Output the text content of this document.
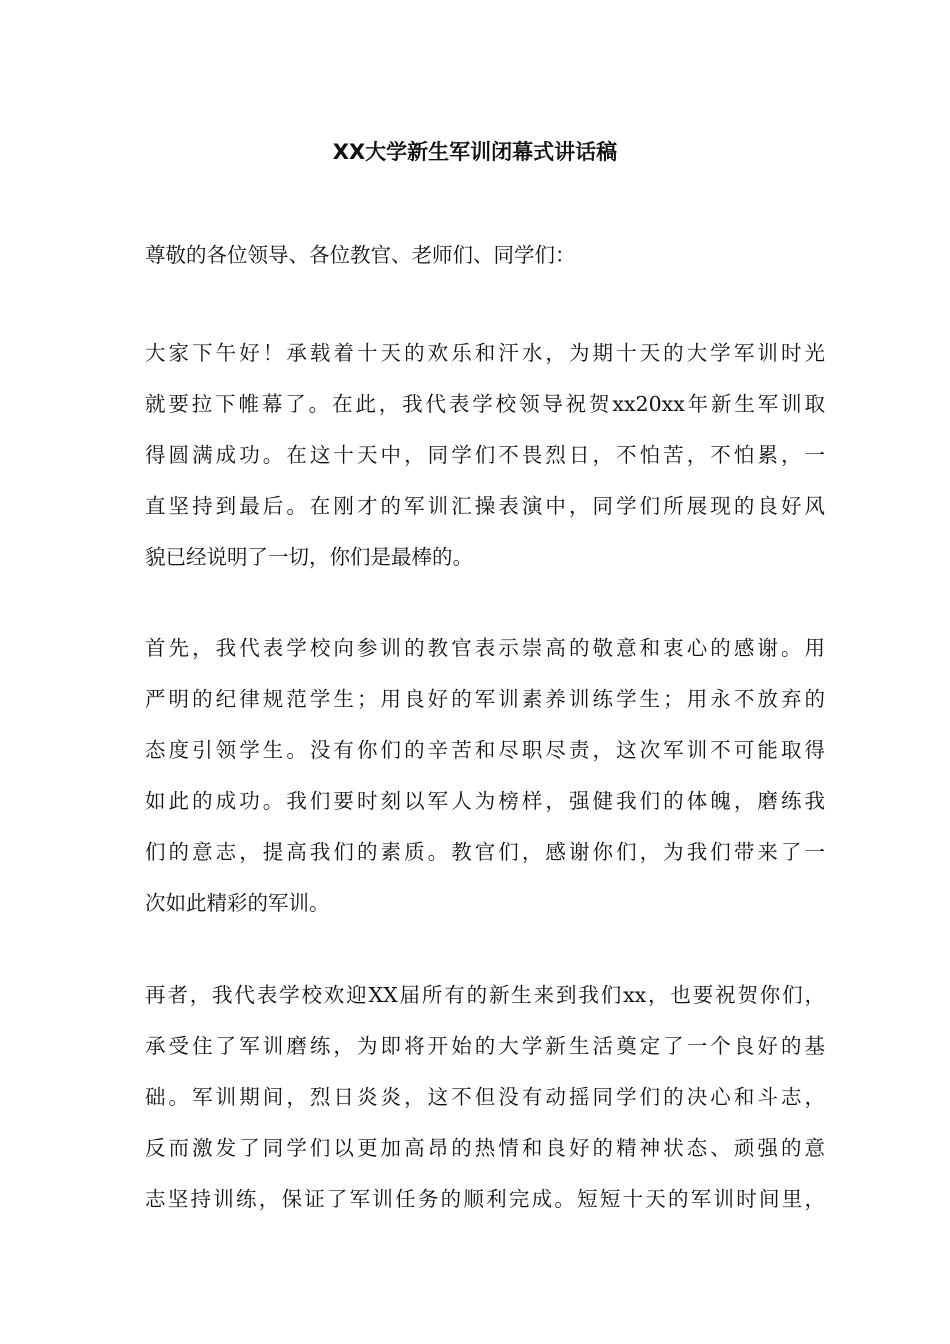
XX大学新生军训闭幕式讲话稿

尊敬的各位领导、各位教官、老师们、同学们：

大家下午好！承载着十天的欢乐和汗水，为期十天的大学军训时光
就要拉下帷幕了。在此，我代表学校领导祝贺xx20xx年新生军训取
得圆满成功。在这十天中，同学们不畏烈日，不怕苦，不怕累，一
直坚持到最后。在刚才的军训汇操表演中，同学们所展现的良好风
貌已经说明了一切，你们是最棒的。

首先，我代表学校向参训的教官表示崇高的敬意和衷心的感谢。用
严明的纪律规范学生；用良好的军训素养训练学生；用永不放弃的
态度引领学生。没有你们的辛苦和尽职尽责，这次军训不可能取得
如此的成功。我们要时刻以军人为榜样，强健我们的体魄，磨练我
们的意志，提高我们的素质。教官们，感谢你们，为我们带来了一
次如此精彩的军训。

再者，我代表学校欢迎XX届所有的新生来到我们xx，也要祝贺你们，
承受住了军训磨练，为即将开始的大学新生活奠定了一个良好的基
础。军训期间，烈日炎炎，这不但没有动摇同学们的决心和斗志，
反而激发了同学们以更加高昂的热情和良好的精神状态、顽强的意
志坚持训练，保证了军训任务的顺利完成。短短十天的军训时间里，
